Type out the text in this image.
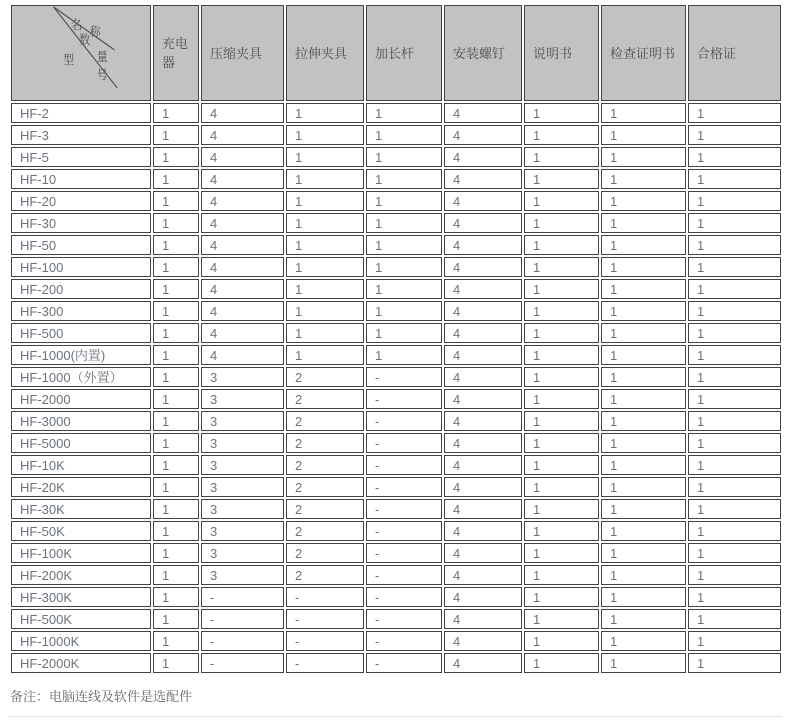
名
称
数
量
型
号
	充电器	压缩夹具	拉伸夹具	加长杆	安装螺钉	说明书	检查证明书	合格证
HF-2	1	4	1	1	4	1	1	1
HF-3	1	4	1	1	4	1	1	1
HF-5	1	4	1	1	4	1	1	1
HF-10	1	4	1	1	4	1	1	1
HF-20	1	4	1	1	4	1	1	1
HF-30	1	4	1	1	4	1	1	1
HF-50	1	4	1	1	4	1	1	1
HF-100	1	4	1	1	4	1	1	1
HF-200	1	4	1	1	4	1	1	1
HF-300	1	4	1	1	4	1	1	1
HF-500	1	4	1	1	4	1	1	1
HF-1000(内置)	1	4	1	1	4	1	1	1
HF-1000（外置）	1	3	2	-	4	1	1	1
HF-2000	1	3	2	-	4	1	1	1
HF-3000	1	3	2	-	4	1	1	1
HF-5000	1	3	2	-	4	1	1	1
HF-10K	1	3	2	-	4	1	1	1
HF-20K	1	3	2	-	4	1	1	1
HF-30K	1	3	2	-	4	1	1	1
HF-50K	1	3	2	-	4	1	1	1
HF-100K	1	3	2	-	4	1	1	1
HF-200K	1	3	2	-	4	1	1	1
HF-300K	1	-	-	-	4	1	1	1
HF-500K	1	-	-	-	4	1	1	1
HF-1000K	1	-	-	-	4	1	1	1
HF-2000K	1	-	-	-	4	1	1	1
备注：电脑连线及软件是选配件
